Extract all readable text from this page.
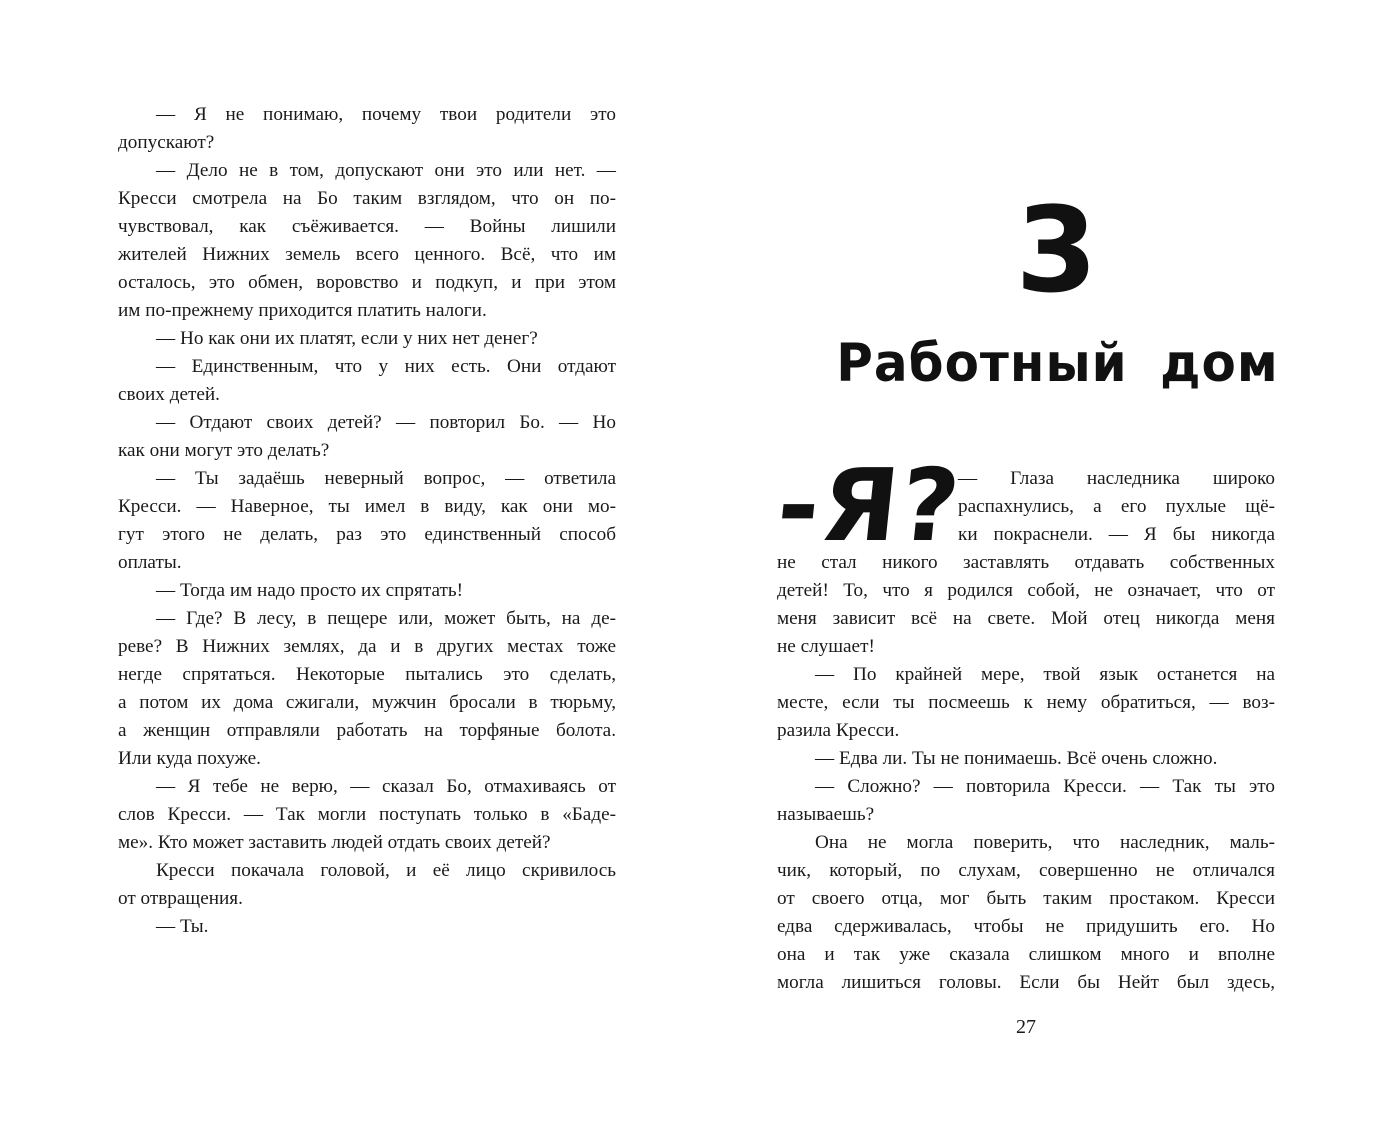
— Я не понимаю, почему твои родители это
допускают?
— Дело не в том, допускают они это или нет. —
Кресси смотрела на Бо таким взглядом, что он по-
чувствовал, как съёживается. — Войны лишили
жителей Нижних земель всего ценного. Всё, что им
осталось, это обмен, воровство и подкуп, и при этом
им по-прежнему приходится платить налоги.
— Но как они их платят, если у них нет денег?
— Единственным, что у них есть. Они отдают
своих детей.
— Отдают своих детей? — повторил Бо. — Но
как они могут это делать?
— Ты задаёшь неверный вопрос, — ответила
Кресси. — Наверное, ты имел в виду, как они мо-
гут этого не делать, раз это единственный способ
оплаты.
— Тогда им надо просто их спрятать!
— Где? В лесу, в пещере или, может быть, на де-
реве? В Нижних землях, да и в других местах тоже
негде спрятаться. Некоторые пытались это сделать,
а потом их дома сжигали, мужчин бросали в тюрьму,
а женщин отправляли работать на торфяные болота.
Или куда похуже.
— Я тебе не верю, — сказал Бо, отмахиваясь от
слов Кресси. — Так могли поступать только в «Баде-
ме». Кто может заставить людей отдать своих детей?
Кресси покачала головой, и её лицо скривилось
от отвращения.
— Ты.
3
Работный дом
-Я?
— Глаза наследника широко
распахнулись, а его пухлые щё-
ки покраснели. — Я бы никогда
не стал никого заставлять отдавать собственных
детей! То, что я родился собой, не означает, что от
меня зависит всё на свете. Мой отец никогда меня
не слушает!
— По крайней мере, твой язык останется на
месте, если ты посмеешь к нему обратиться, — воз-
разила Кресси.
— Едва ли. Ты не понимаешь. Всё очень сложно.
— Сложно? — повторила Кресси. — Так ты это
называешь?
Она не могла поверить, что наследник, маль-
чик, который, по слухам, совершенно не отличался
от своего отца, мог быть таким простаком. Кресси
едва сдерживалась, чтобы не придушить его. Но
она и так уже сказала слишком много и вполне
могла лишиться головы. Если бы Нейт был здесь,
27
